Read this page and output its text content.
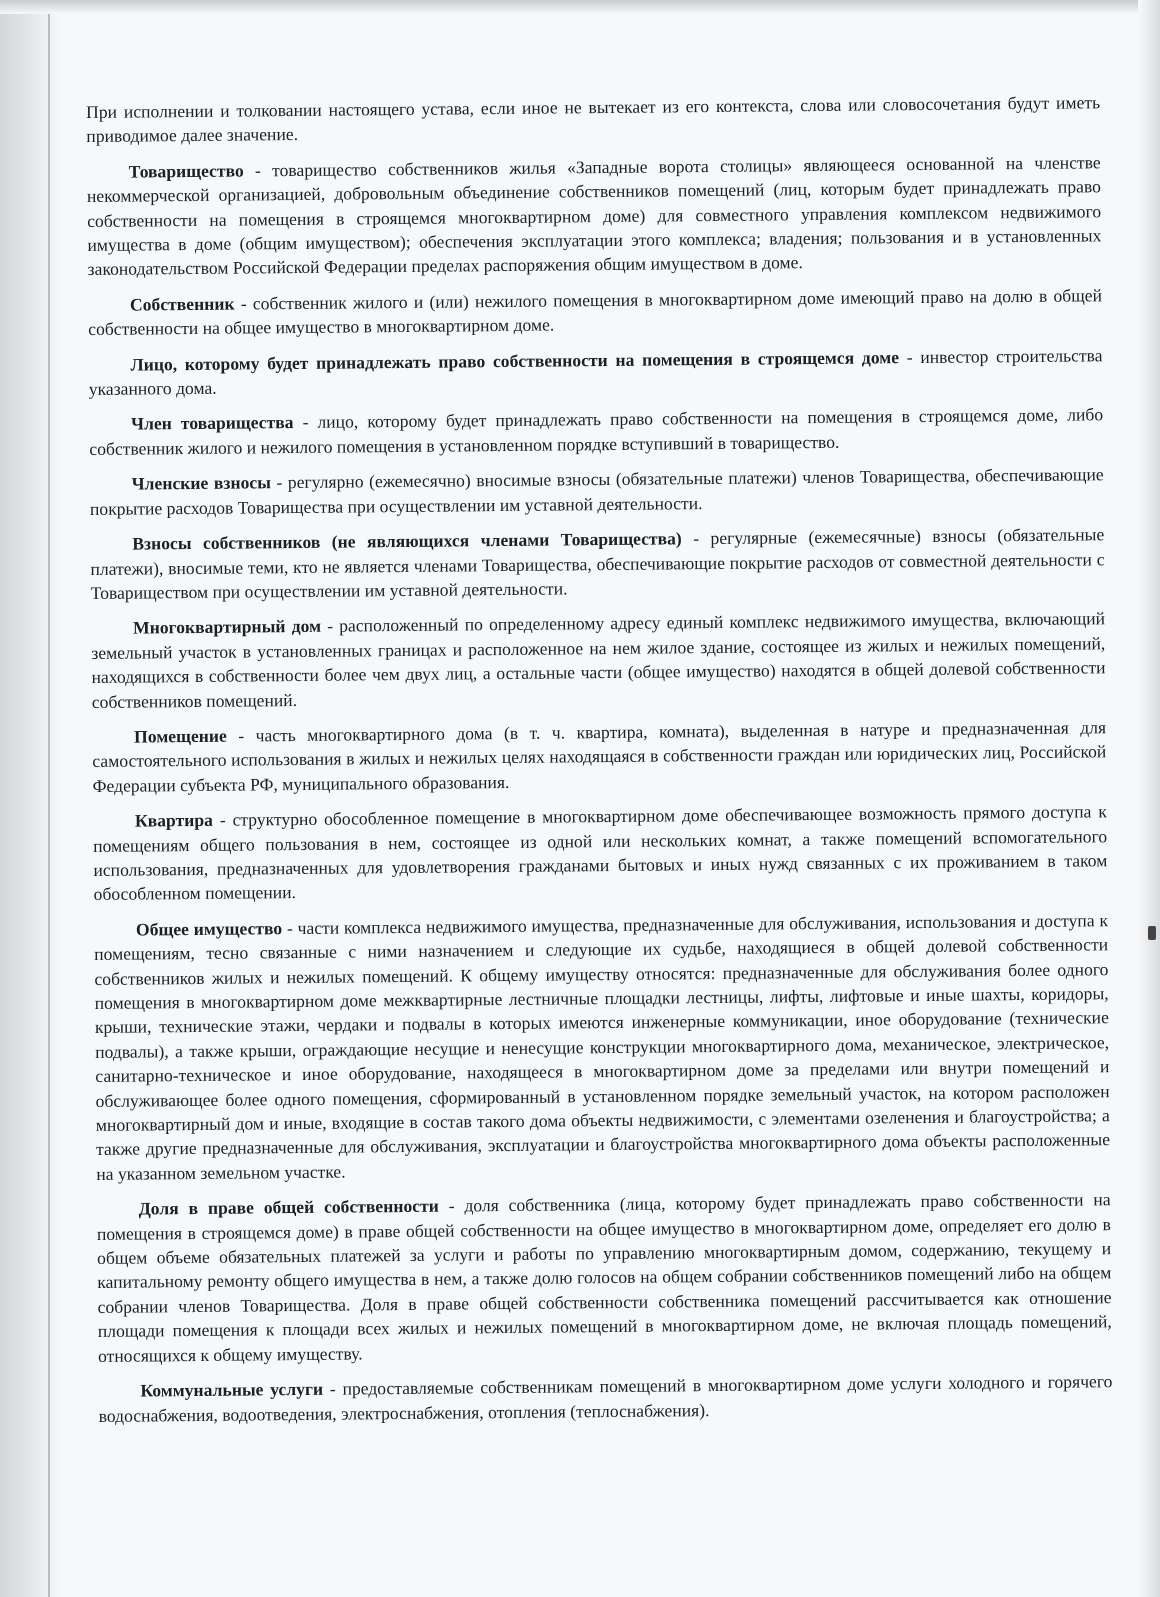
При исполнении и толковании настоящего устава, если иное не вытекает из его контекста, слова или словосочетания будут иметь приводимое далее значение.

Товарищество - товарищество собственников жилья «Западные ворота столицы» являющееся основанной на членстве некоммерческой организацией, добровольным объединение собственников помещений (лиц, которым будет принадлежать право собственности на помещения в строящемся многоквартирном доме) для совместного управления комплексом недвижимого имущества в доме (общим имуществом); обеспечения эксплуатации этого комплекса; владения; пользования и в установленных законодательством Российской Федерации пределах распоряжения общим имуществом в доме.

Собственник - собственник жилого и (или) нежилого помещения в многоквартирном доме имеющий право на долю в общей собственности на общее имущество в многоквартирном доме.

Лицо, которому будет принадлежать право собственности на помещения в строящемся доме - инвестор строительства указанного дома.

Член товарищества - лицо, которому будет принадлежать право собственности на помещения в строящемся доме, либо собственник жилого и нежилого помещения в установленном порядке вступивший в товарищество.

Членские взносы - регулярно (ежемесячно) вносимые взносы (обязательные платежи) членов Товарищества, обеспечивающие покрытие расходов Товарищества при осуществлении им уставной деятельности.

Взносы собственников (не являющихся членами Товарищества) - регулярные (ежемесячные) взносы (обязательные платежи), вносимые теми, кто не является членами Товарищества, обеспечивающие покрытие расходов от совместной деятельности с Товариществом при осуществлении им уставной деятельности.

Многоквартирный дом - расположенный по определенному адресу единый комплекс недвижимого имущества, включающий земельный участок в установленных границах и расположенное на нем жилое здание, состоящее из жилых и нежилых помещений, находящихся в собственности более чем двух лиц, а остальные части (общее имущество) находятся в общей долевой собственности собственников помещений.

Помещение - часть многоквартирного дома (в т. ч. квартира, комната), выделенная в натуре и предназначенная для самостоятельного использования в жилых и нежилых целях находящаяся в собственности граждан или юридических лиц, Российской Федерации субъекта РФ, муниципального образования.

Квартира - структурно обособленное помещение в многоквартирном доме обеспечивающее возможность прямого доступа к помещениям общего пользования в нем, состоящее из одной или нескольких комнат, а также помещений вспомогательного использования, предназначенных для удовлетворения гражданами бытовых и иных нужд связанных с их проживанием в таком обособленном помещении.

Общее имущество - части комплекса недвижимого имущества, предназначенные для обслуживания, использования и доступа к помещениям, тесно связанные с ними назначением и следующие их судьбе, находящиеся в общей долевой собственности собственников жилых и нежилых помещений. К общему имуществу относятся: предназначенные для обслуживания более одного помещения в многоквартирном доме межквартирные лестничные площадки лестницы, лифты, лифтовые и иные шахты, коридоры, крыши, технические этажи, чердаки и подвалы в которых имеются инженерные коммуникации, иное оборудование (технические подвалы), а также крыши, ограждающие несущие и ненесущие конструкции многоквартирного дома, механическое, электрическое, санитарно-техническое и иное оборудование, находящееся в многоквартирном доме за пределами или внутри помещений и обслуживающее более одного помещения, сформированный в установленном порядке земельный участок, на котором расположен многоквартирный дом и иные, входящие в состав такого дома объекты недвижимости, с элементами озеленения и благоустройства; а также другие предназначенные для обслуживания, эксплуатации и благоустройства многоквартирного дома объекты расположенные на указанном земельном участке.

Доля в праве общей собственности - доля собственника (лица, которому будет принадлежать право собственности на помещения в строящемся доме) в праве общей собственности на общее имущество в многоквартирном доме, определяет его долю в общем объеме обязательных платежей за услуги и работы по управлению многоквартирным домом, содержанию, текущему и капитальному ремонту общего имущества в нем, а также долю голосов на общем собрании собственников помещений либо на общем собрании членов Товарищества. Доля в праве общей собственности собственника помещений рассчитывается как отношение площади помещения к площади всех жилых и нежилых помещений в многоквартирном доме, не включая площадь помещений, относящихся к общему имуществу.

Коммунальные услуги - предоставляемые собственникам помещений в многоквартирном доме услуги холодного и горячего водоснабжения, водоотведения, электроснабжения, отопления (теплоснабжения).
